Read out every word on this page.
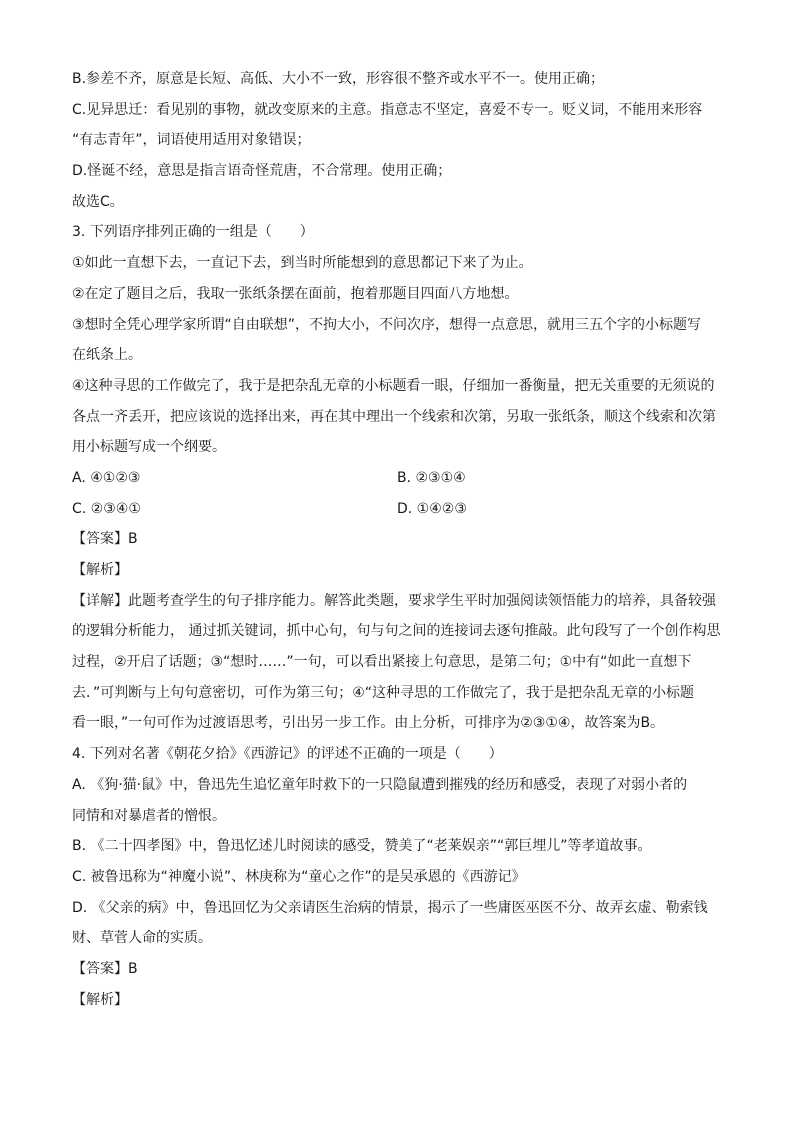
B.参差不齐，原意是长短、高低、大小不一致，形容很不整齐或水平不一。使用正确；
C.见异思迁：看见别的事物，就改变原来的主意。指意志不坚定，喜爱不专一。贬义词，不能用来形容
“有志青年”，词语使用适用对象错误；
D.怪诞不经，意思是指言语奇怪荒唐，不合常理。使用正确；
故选C。
3. 下列语序排列正确的一组是（　　）
①如此一直想下去，一直记下去，到当时所能想到的意思都记下来了为止。
②在定了题目之后，我取一张纸条摆在面前，抱着那题目四面八方地想。
③想时全凭心理学家所谓“自由联想”，不拘大小，不问次序，想得一点意思，就用三五个字的小标题写
在纸条上。
④这种寻思的工作做完了，我于是把杂乱无章的小标题看一眼，仔细加一番衡量，把无关重要的无须说的
各点一齐丢开，把应该说的选择出来，再在其中理出一个线索和次第，另取一张纸条，顺这个线索和次第
用小标题写成一个纲要。
A. ④①②③	B. ②③①④
C. ②③④①	D. ①④②③
【答案】B
【解析】
【详解】此题考查学生的句子排序能力。解答此类题，要求学生平时加强阅读领悟能力的培养，具备较强
的逻辑分析能力， 通过抓关键词，抓中心句，句与句之间的连接词去逐句推敲。此句段写了一个创作构思
过程，②开启了话题；③“想时……”一句，可以看出紧接上句意思，是第二句；①中有“如此一直想下
去．”可判断与上句句意密切，可作为第三句；④“这种寻思的工作做完了，我于是把杂乱无章的小标题
看一眼，”一句可作为过渡语思考，引出另一步工作。由上分析，可排序为②③①④，故答案为B。
4. 下列对名著《朝花夕拾》《西游记》的评述不正确的一项是（　　）
A. 《狗·猫·鼠》中，鲁迅先生追忆童年时救下的一只隐鼠遭到摧残的经历和感受，表现了对弱小者的
同情和对暴虐者的憎恨。
B. 《二十四孝图》中，鲁迅忆述儿时阅读的感受，赞美了“老莱娱亲”“郭巨埋儿”等孝道故事。
C. 被鲁迅称为“神魔小说”、林庚称为“童心之作”的是吴承恩的《西游记》
D. 《父亲的病》中，鲁迅回忆为父亲请医生治病的情景，揭示了一些庸医巫医不分、故弄玄虚、勒索钱
财、草菅人命的实质。
【答案】B
【解析】
